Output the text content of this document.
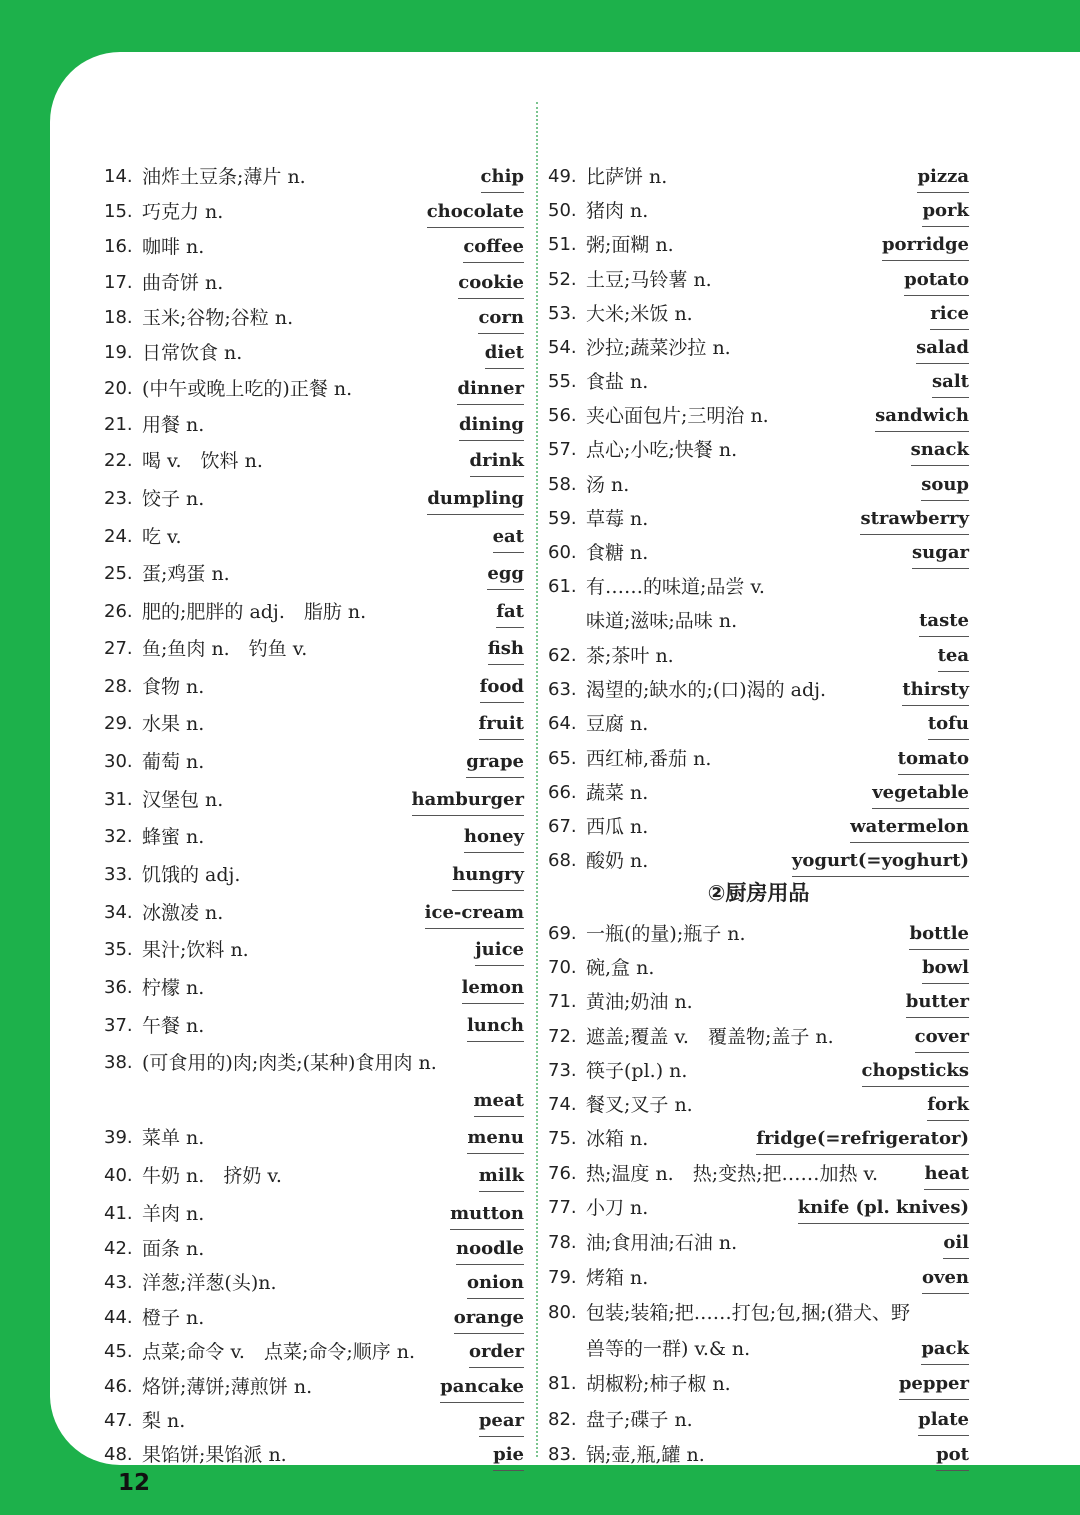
14. 油炸土豆条;薄片 n.	chip
15. 巧克力 n.	chocolate
16. 咖啡 n.	coffee
17. 曲奇饼 n.	cookie
18. 玉米;谷物;谷粒 n.	corn
19. 日常饮食 n.	diet
20. (中午或晚上吃的)正餐 n.	dinner
21. 用餐 n.	dining
22. 喝 v.　饮料 n.	drink
23. 饺子 n.	dumpling
24. 吃 v.	eat
25. 蛋;鸡蛋 n.	egg
26. 肥的;肥胖的 adj.　脂肪 n.	fat
27. 鱼;鱼肉 n.　钓鱼 v.	fish
28. 食物 n.	food
29. 水果 n.	fruit
30. 葡萄 n.	grape
31. 汉堡包 n.	hamburger
32. 蜂蜜 n.	honey
33. 饥饿的 adj.	hungry
34. 冰激凌 n.	ice-cream
35. 果汁;饮料 n.	juice
36. 柠檬 n.	lemon
37. 午餐 n.	lunch
38. (可食用的)肉;肉类;(某种)食用肉 n.
meat
39. 菜单 n.	menu
40. 牛奶 n.　挤奶 v.	milk
41. 羊肉 n.	mutton
42. 面条 n.	noodle
43. 洋葱;洋葱(头)n.	onion
44. 橙子 n.	orange
45. 点菜;命令 v.　点菜;命令;顺序 n.	order
46. 烙饼;薄饼;薄煎饼 n.	pancake
47. 梨 n.	pear
48. 果馅饼;果馅派 n.	pie
②厨房用品
49. 比萨饼 n.	pizza
50. 猪肉 n.	pork
51. 粥;面糊 n.	porridge
52. 土豆;马铃薯 n.	potato
53. 大米;米饭 n.	rice
54. 沙拉;蔬菜沙拉 n.	salad
55. 食盐 n.	salt
56. 夹心面包片;三明治 n.	sandwich
57. 点心;小吃;快餐 n.	snack
58. 汤 n.	soup
59. 草莓 n.	strawberry
60. 食糖 n.	sugar
61. 有……的味道;品尝 v.
味道;滋味;品味 n.	taste
62. 茶;茶叶 n.	tea
63. 渴望的;缺水的;(口)渴的 adj.	thirsty
64. 豆腐 n.	tofu
65. 西红柿,番茄 n.	tomato
66. 蔬菜 n.	vegetable
67. 西瓜 n.	watermelon
68. 酸奶 n.	yogurt(=yoghurt)
69. 一瓶(的量);瓶子 n.	bottle
70. 碗,盒 n.	bowl
71. 黄油;奶油 n.	butter
72. 遮盖;覆盖 v.　覆盖物;盖子 n.	cover
73. 筷子(pl.) n.	chopsticks
74. 餐叉;叉子 n.	fork
75. 冰箱 n.	fridge(=refrigerator)
76. 热;温度 n.　热;变热;把……加热 v.	heat
77. 小刀 n.	knife (pl. knives)
78. 油;食用油;石油 n.	oil
79. 烤箱 n.	oven
80. 包装;装箱;把……打包;包,捆;(猎犬、野
兽等的一群) v.& n.	pack
81. 胡椒粉;柿子椒 n.	pepper
82. 盘子;碟子 n.	plate
83. 锅;壶,瓶,罐 n.	pot
12
